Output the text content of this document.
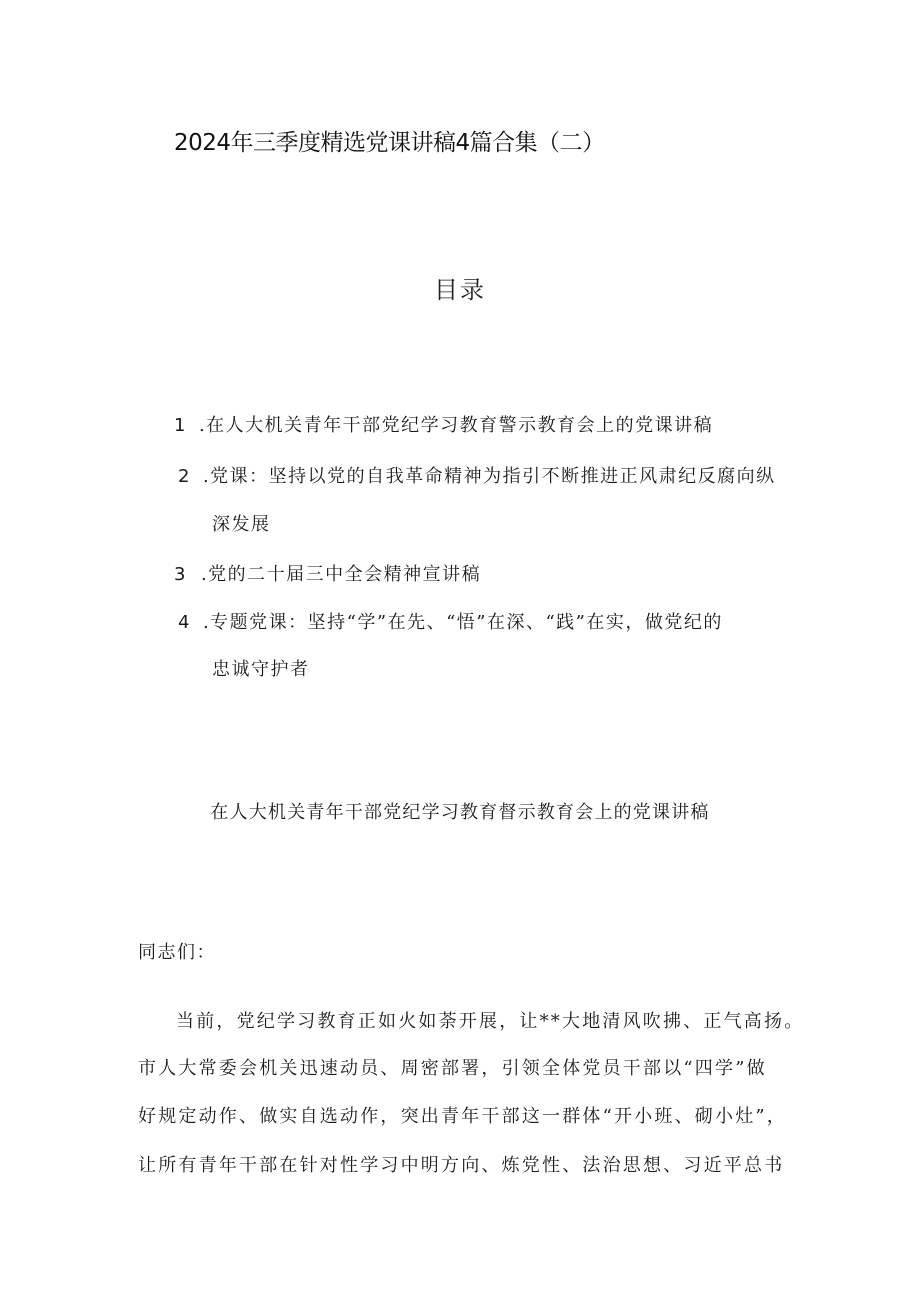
2024年三季度精选党课讲稿4篇合集（二）
目录
1 .在人大机关青年干部党纪学习教育警示教育会上的党课讲稿
2 .党课：坚持以党的自我革命精神为指引不断推进正风肃纪反腐向纵
深发展
3 .党的二十届三中全会精神宣讲稿
4 .专题党课：坚持“学”在先、“悟”在深、“践”在实，做党纪的
忠诚守护者
在人大机关青年干部党纪学习教育督示教育会上的党课讲稿
同志们：
当前，党纪学习教育正如火如荼开展，让**大地清风吹拂、正气高扬。
市人大常委会机关迅速动员、周密部署，引领全体党员干部以“四学”做
好规定动作、做实自选动作，突出青年干部这一群体“开小班、砌小灶”，
让所有青年干部在针对性学习中明方向、炼党性、法治思想、习近平总书
